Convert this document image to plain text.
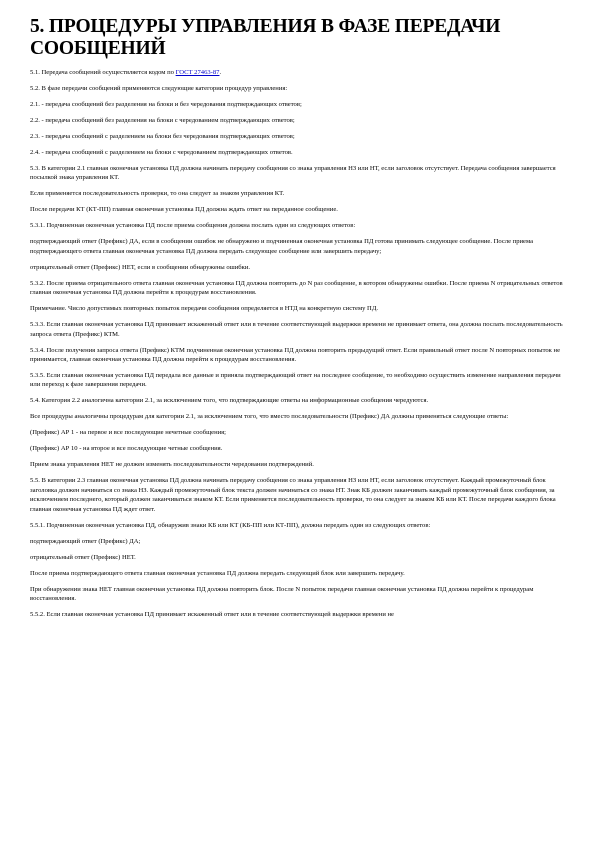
5. ПРОЦЕДУРЫ УПРАВЛЕНИЯ В ФАЗЕ ПЕРЕДАЧИ СООБЩЕНИЙ

5.1. Передача сообщений осуществляется кодом по ГОСТ 27463-87.

5.2. В фазе передачи сообщений применяются следующие категории процедур управления:

2.1. - передача сообщений без разделения на блоки и без чередования подтверждающих ответов;

2.2. - передача сообщений без разделения на блоки с чередованием подтверждающих ответов;

2.3. - передача сообщений с разделением на блоки без чередования подтверждающих ответов;

2.4. - передача сообщений с разделением на блоки с чередованием подтверждающих ответов.

5.3. В категории 2.1 главная оконечная установка ПД должна начинать передачу сообщения со знака управления НЗ или НТ, если заголовок отсутствует. Передача сообщения завершается посылкой знака управления КТ.

Если применяется последовательность проверки, то она следует за знаком управления КТ.

После передачи КТ (КТ-ПП) главная оконечная установка ПД должна ждать ответ на переданное сообщение.

5.3.1. Подчиненная оконечная установка ПД после приема сообщения должна послать один из следующих ответов:

подтверждающий ответ (Префикс) ДА, если в сообщении ошибок не обнаружено и подчиненная оконечная установка ПД готова принимать следующее сообщение. После приема подтверждающего ответа главная оконечная установка ПД должна передать следующее сообщение или завершить передачу;

отрицательный ответ (Префикс) НЕТ, если в сообщении обнаружены ошибки.

5.3.2. После приема отрицательного ответа главная оконечная установка ПД должна повторить до N раз сообщение, в котором обнаружены ошибки. После приема N отрицательных ответов главная оконечная установка ПД должна перейти к процедурам восстановления.

Примечание. Число допустимых повторных попыток передачи сообщения определяется в НТД на конкретную систему ПД.

5.3.3. Если главная оконечная установка ПД принимает искаженный ответ или в течение соответствующей выдержки времени не принимает ответа, она должна послать последовательность запроса ответа (Префикс) КТМ.

5.3.4. После получения запроса ответа (Префикс) КТМ подчиненная оконечная установка ПД должна повторить предыдущий ответ. Если правильный ответ после N повторных попыток не принимается, главная оконечная установка ПД должна перейти к процедурам восстановления.

5.3.5. Если главная оконечная установка ПД передала все данные и приняла подтверждающий ответ на последнее сообщение, то необходимо осуществить изменение направления передачи или переход к фазе завершения передачи.

5.4. Категория 2.2 аналогична категории 2.1, за исключением того, что подтверждающие ответы на информационные сообщения чередуются.

Все процедуры аналогичны процедурам для категории 2.1, за исключением того, что вместо последовательности (Префикс) ДА должны применяться следующие ответы:

(Префикс) АР 1 - на первое и все последующие нечетные сообщения;

(Префикс) АР 10 - на второе и все последующие четные сообщения.

Прием знака управления НЕТ не должен изменять последовательности чередования подтверждений.

5.5. В категории 2.3 главная оконечная установка ПД должна начинать передачу сообщения со знака управления НЗ или НТ, если заголовок отсутствует. Каждый промежуточный блок заголовка должен начинаться со знака НЗ. Каждый промежуточный блок текста должен начинаться со знака НТ. Знак КБ должен заканчивать каждый промежуточный блок сообщения, за исключением последнего, который должен заканчиваться знаком КТ. Если применяется последовательность проверки, то она следует за знаком КБ или КТ. После передачи каждого блока главная оконечная установка ПД ждет ответ.

5.5.1. Подчиненная оконечная установка ПД, обнаружив знаки КБ или КТ (КБ-ПП или КТ-ПП), должна передать один из следующих ответов:

подтверждающий ответ (Префикс) ДА;

отрицательный ответ (Префикс) НЕТ.

После приема подтверждающего ответа главная оконечная установка ПД должна передать следующий блок или завершить передачу.

При обнаружении знака НЕТ главная оконечная установка ПД должна повторить блок. После N попыток передачи главная оконечная установка ПД должна перейти к процедурам восстановления.

5.5.2. Если главная оконечная установка ПД принимает искаженный ответ или в течение соответствующей выдержки времени не
